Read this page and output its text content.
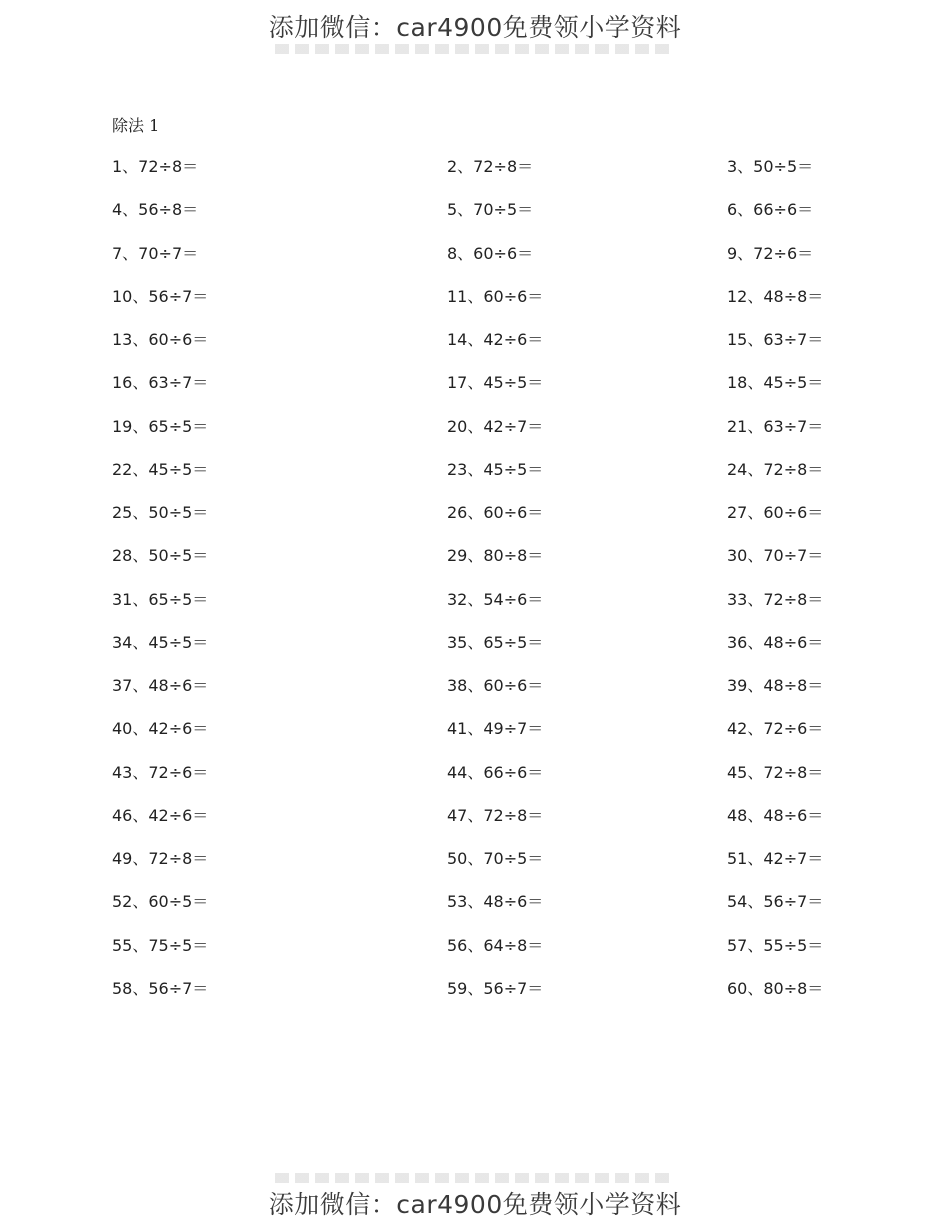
添加微信：car4900免费领小学资料
除法 1
1、72÷8＝	2、72÷8＝	3、50÷5＝
4、56÷8＝	5、70÷5＝	6、66÷6＝
7、70÷7＝	8、60÷6＝	9、72÷6＝
10、56÷7＝	11、60÷6＝	12、48÷8＝
13、60÷6＝	14、42÷6＝	15、63÷7＝
16、63÷7＝	17、45÷5＝	18、45÷5＝
19、65÷5＝	20、42÷7＝	21、63÷7＝
22、45÷5＝	23、45÷5＝	24、72÷8＝
25、50÷5＝	26、60÷6＝	27、60÷6＝
28、50÷5＝	29、80÷8＝	30、70÷7＝
31、65÷5＝	32、54÷6＝	33、72÷8＝
34、45÷5＝	35、65÷5＝	36、48÷6＝
37、48÷6＝	38、60÷6＝	39、48÷8＝
40、42÷6＝	41、49÷7＝	42、72÷6＝
43、72÷6＝	44、66÷6＝	45、72÷8＝
46、42÷6＝	47、72÷8＝	48、48÷6＝
49、72÷8＝	50、70÷5＝	51、42÷7＝
52、60÷5＝	53、48÷6＝	54、56÷7＝
55、75÷5＝	56、64÷8＝	57、55÷5＝
58、56÷7＝	59、56÷7＝	60、80÷8＝
添加微信：car4900免费领小学资料
